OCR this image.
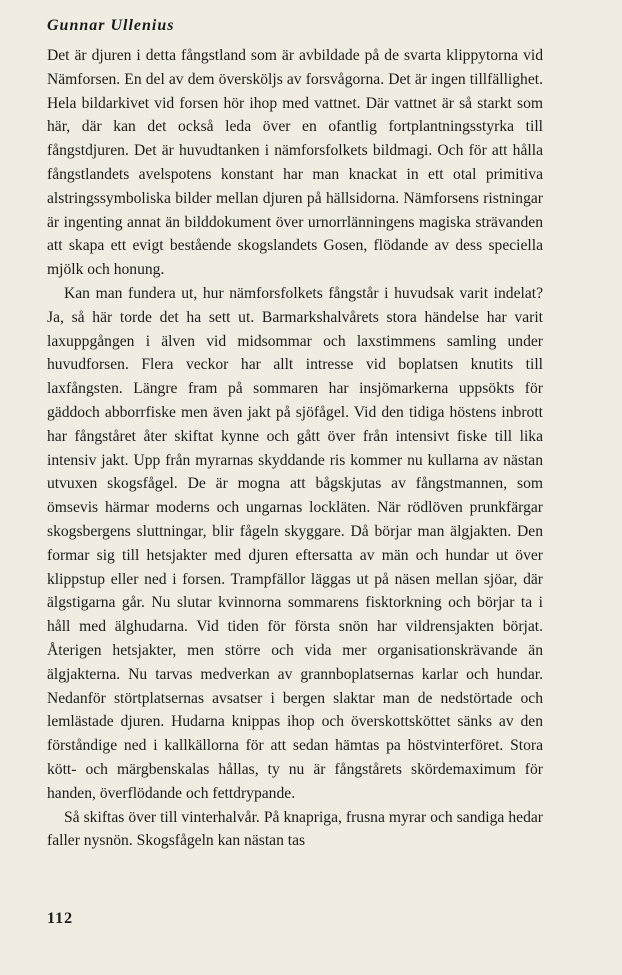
Gunnar Ullenius

Det är djuren i detta fångstland som är avbildade på de svarta klippytorna vid Nämforsen. En del av dem översköljs av forsvågorna. Det är ingen tillfällighet. Hela bildarkivet vid forsen hör ihop med vattnet. Där vattnet är så starkt som här, där kan det också leda över en ofantlig fortplantningsstyrka till fångstdjuren. Det är huvudtanken i nämforsfolkets bildmagi. Och för att hålla fångstlandets avelspotens konstant har man knackat in ett otal primitiva alstringssymboliska bilder mellan djuren på hällsidorna. Nämforsens ristningar är ingenting annat än bilddokument över urnorrlänningens magiska strävanden att skapa ett evigt bestående skogslandets Gosen, flödande av dess speciella mjölk och honung.

Kan man fundera ut, hur nämforsfolkets fångstår i huvudsak varit indelat? Ja, så här torde det ha sett ut. Barmarkshalvårets stora händelse har varit laxuppgången i älven vid midsommar och laxstimmens samling under huvudforsen. Flera veckor har allt intresse vid boplatsen knutits till laxfångsten. Längre fram på sommaren har insjömarkerna uppsökts för gäddoch abborrfiske men även jakt på sjöfågel. Vid den tidiga höstens inbrott har fångståret åter skiftat kynne och gått över från intensivt fiske till lika intensiv jakt. Upp från myrarnas skyddande ris kommer nu kullarna av nästan utvuxen skogsfågel. De är mogna att bågskjutas av fångstmannen, som ömsevis härmar moderns och ungarnas lockläten. När rödlöven prunkfärgar skogsbergens sluttningar, blir fågeln skyggare. Då börjar man älgjakten. Den formar sig till hetsjakter med djuren eftersatta av män och hundar ut över klippstup eller ned i forsen. Trampfällor läggas ut på näsen mellan sjöar, där älgstigarna går. Nu slutar kvinnorna sommarens fisktorkning och börjar ta i håll med älghudarna. Vid tiden för första snön har vildrensjakten börjat. Återigen hetsjakter, men större och vida mer organisationskrävande än älgjakterna. Nu tarvas medverkan av grannboplatsernas karlar och hundar. Nedanför störtplatsernas avsatser i bergen slaktar man de nedstörtade och lemlästade djuren. Hudarna knippas ihop och överskottsköttet sänks av den förståndige ned i kallkällorna för att sedan hämtas pa höstvinterföret. Stora kött- och märgbenskalas hållas, ty nu är fångstårets skördemaximum för handen, överflödande och fettdrypande.

Så skiftas över till vinterhalvår. På knapriga, frusna myrar och sandiga hedar faller nysnön. Skogsfågeln kan nästan tas

112
